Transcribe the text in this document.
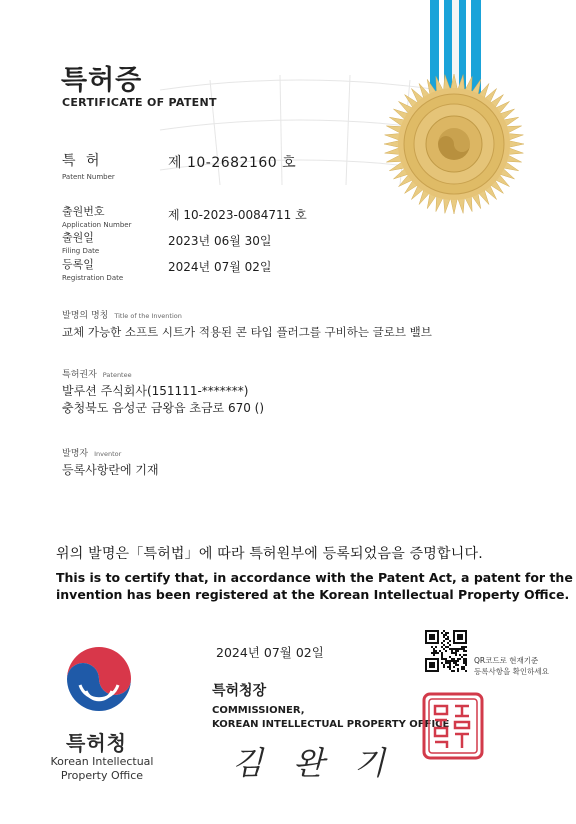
특허증
CERTIFICATE OF PATENT
특 허
Patent Number
제 10-2682160 호
출원번호
Application Number
제 10-2023-0084711 호
출원일
Filing Date
2023년 06월 30일
등록일
Registration Date
2024년 07월 02일
발명의 명칭 Title of the Invention
교체 가능한 소프트 시트가 적용된 콘 타입 플러그를 구비하는 글로브 밸브
특허권자 Patentee
발루션 주식회사(151111-*******)
충청북도 음성군 금왕읍 초금로 670 ()
발명자 Inventor
등록사항란에 기재
위의 발명은「특허법」에 따라 특허원부에 등록되었음을 증명합니다.
This is to certify that, in accordance with the Patent Act, a patent for the
invention has been registered at the Korean Intellectual Property Office.
2024년 07월 02일
QR코드로 현재기준
등록사항을 확인하세요
특허청장
COMMISSIONER,
KOREAN INTELLECTUAL PROPERTY OFFICE
김 완 기
특허청
Korean Intellectual
Property Office
